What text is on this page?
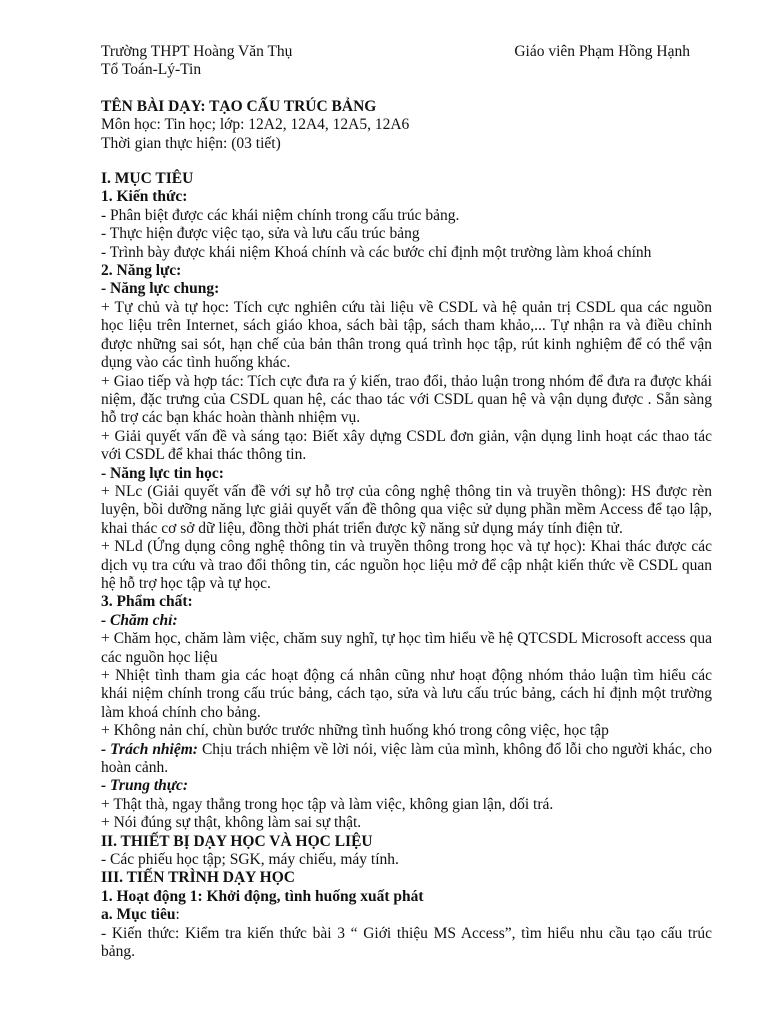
Trường THPT Hoàng Văn Thụ	Giáo viên Phạm Hồng Hạnh

Tổ Toán-Lý-Tin

TÊN BÀI DẠY: TẠO CẤU TRÚC BẢNG

Môn học: Tin học; lớp: 12A2, 12A4, 12A5, 12A6

Thời gian thực hiện: (03 tiết)

I. MỤC TIÊU

1. Kiến thức:

- Phân biệt được các khái niệm chính trong cấu trúc bảng.

- Thực hiện được việc tạo, sửa và lưu cấu trúc bảng

- Trình bày được khái niệm Khoá chính và các bước chỉ định một trường làm khoá chính

2. Năng lực:

- Năng lực chung:

+ Tự chủ và tự học: Tích cực nghiên cứu tài liệu về CSDL và hệ quản trị CSDL qua các nguồn học liệu trên Internet, sách giáo khoa, sách bài tập, sách tham khảo,... Tự nhận ra và điều chỉnh được những sai sót, hạn chế của bản thân trong quá trình học tập, rút kinh nghiệm để có thể vận dụng vào các tình huống khác.

+ Giao tiếp và hợp tác: Tích cực đưa ra ý kiến, trao đổi, thảo luận trong nhóm để đưa ra được khái niệm, đặc trưng của CSDL quan hệ, các thao tác với CSDL quan hệ và vận dụng được . Sẵn sàng hỗ trợ các bạn khác hoàn thành nhiệm vụ.

+ Giải quyết vấn đề và sáng tạo: Biết xây dựng CSDL đơn giản, vận dụng linh hoạt các thao tác với CSDL để khai thác thông tin.

- Năng lực tin học:

+ NLc (Giải quyết vấn đề với sự hỗ trợ của công nghệ thông tin và truyền thông): HS được rèn luyện, bồi dưỡng năng lực giải quyết vấn đề thông qua việc sử dụng phần mềm Access để tạo lập, khai thác cơ sở dữ liệu, đồng thời phát triển được kỹ năng sử dụng máy tính điện tử.

+ NLd (Ứng dụng công nghệ thông tin và truyền thông trong học và tự học): Khai thác được các dịch vụ tra cứu và trao đổi thông tin, các nguồn học liệu mở để cập nhật kiến thức về CSDL quan hệ hỗ trợ học tập và tự học.

3. Phẩm chất:

- Chăm chỉ:

+ Chăm học, chăm làm việc, chăm suy nghĩ, tự học tìm hiểu về hệ QTCSDL Microsoft access qua các nguồn học liệu

+ Nhiệt tình tham gia các hoạt động cá nhân cũng như hoạt động nhóm thảo luận tìm hiểu các khái niệm chính trong cấu trúc bảng, cách tạo, sửa và lưu cấu trúc bảng, cách hỉ định một trường làm khoá chính cho bảng.

+ Không nản chí, chùn bước trước những tình huống khó trong công việc, học tập

- Trách nhiệm: Chịu trách nhiệm về lời nói, việc làm của mình, không đổ lỗi cho người khác, cho hoàn cảnh.

- Trung thực:

+ Thật thà, ngay thẳng trong học tập và làm việc, không gian lận, dối trá.

+ Nói đúng sự thật, không làm sai sự thật.

II. THIẾT BỊ DẠY HỌC VÀ HỌC LIỆU

- Các phiếu học tập; SGK, máy chiếu, máy tính.

III. TIẾN TRÌNH DẠY HỌC

1. Hoạt động 1: Khởi động, tình huống xuất phát

a. Mục tiêu:

- Kiến thức: Kiểm tra kiến thức bài 3 “ Giới thiệu MS Access”, tìm hiểu nhu cầu tạo cấu trúc bảng.
